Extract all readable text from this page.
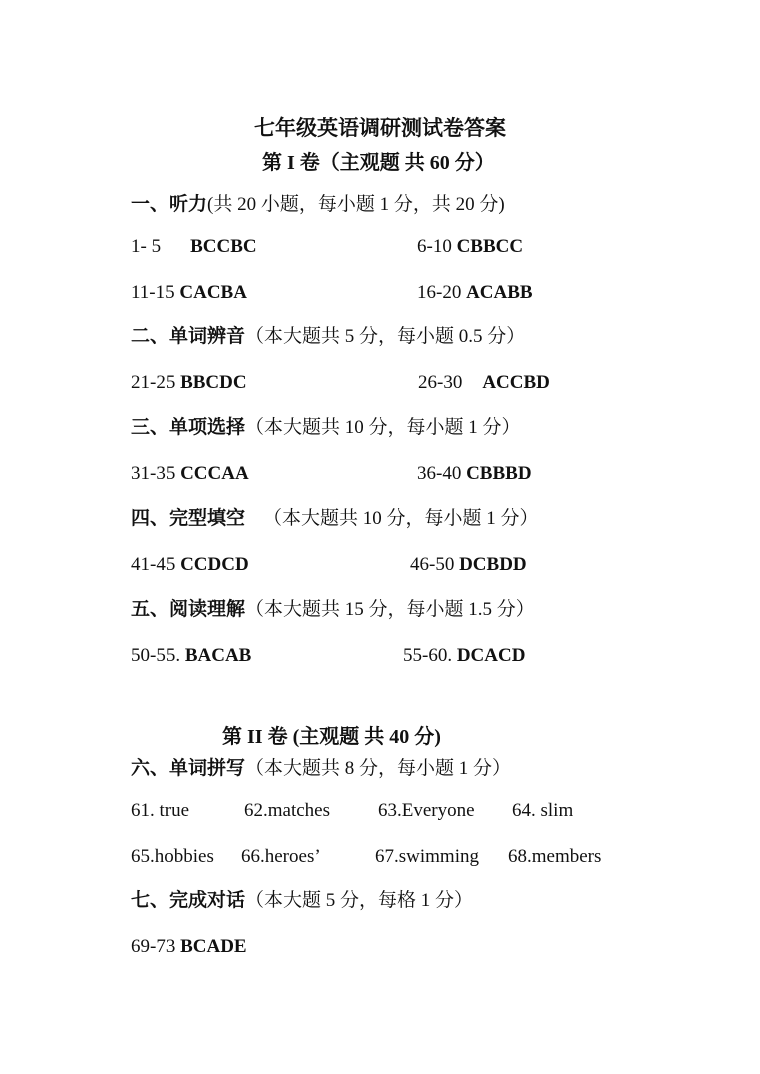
七年级英语调研测试卷答案
第 I 卷（主观题 共 60 分）
一、听力(共 20 小题，每小题 1 分，共 20 分)
1- 5 BCCBC	6-10 CBBCC
11-15 CACBA	16-20 ACABB
二、单词辨音（本大题共 5 分，每小题 0.5 分）
21-25 BBCDC	26-30 ACCBD
三、单项选择（本大题共 10 分，每小题 1 分）
31-35 CCCAA	36-40 CBBBD
四、完型填空 （本大题共 10 分，每小题 1 分）
41-45 CCDCD	46-50 DCBDD
五、阅读理解（本大题共 15 分，每小题 1.5 分）
50-55. BACAB	55-60. DCACD
第 II 卷 (主观题 共 40 分)
六、单词拼写（本大题共 8 分，每小题 1 分）
61. true	62.matches	63.Everyone 64. slim
65.hobbies 66.heroes’	67.swimming 68.members
七、完成对话（本大题 5 分，每格 1 分）
69-73 BCADE
